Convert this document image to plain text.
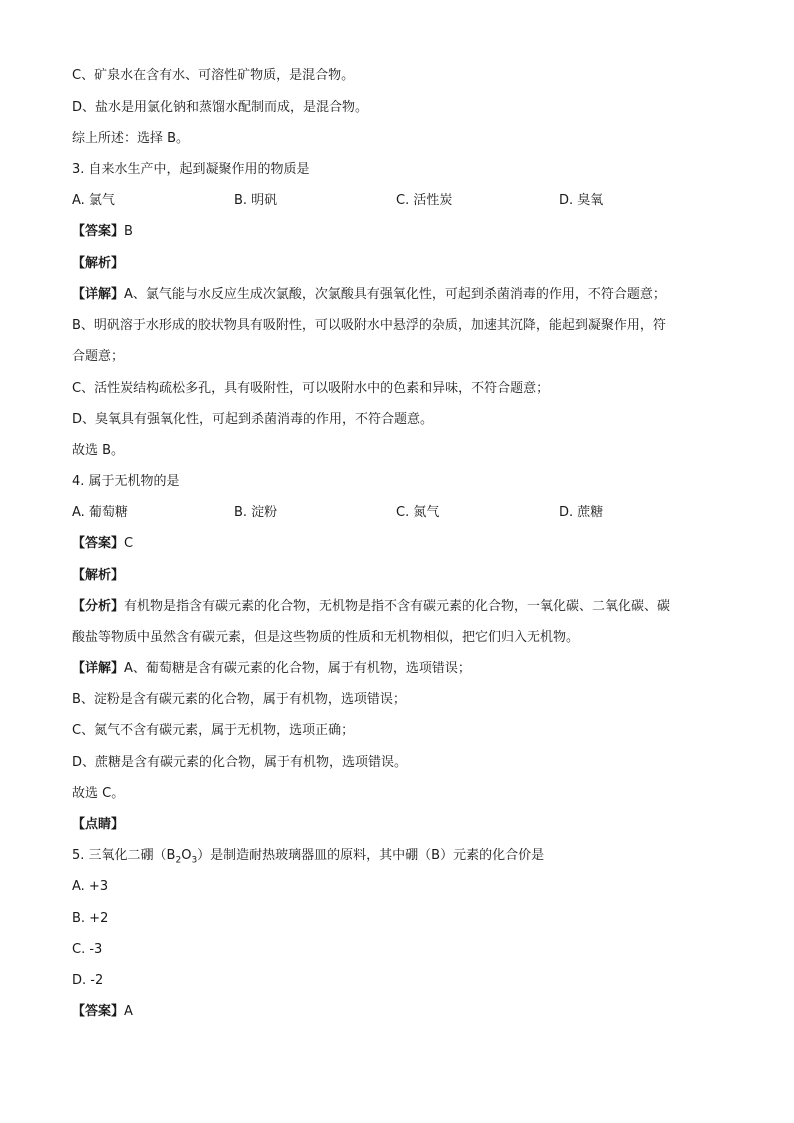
C、矿泉水在含有水、可溶性矿物质，是混合物。
D、盐水是用氯化钠和蒸馏水配制而成，是混合物。
综上所述：选择 B。
3. 自来水生产中，起到凝聚作用的物质是
A. 氯气	B. 明矾	C. 活性炭	D. 臭氧
【答案】B
【解析】
【详解】A、氯气能与水反应生成次氯酸，次氯酸具有强氧化性，可起到杀菌消毒的作用，不符合题意；
B、明矾溶于水形成的胶状物具有吸附性，可以吸附水中悬浮的杂质，加速其沉降，能起到凝聚作用，符
合题意；
C、活性炭结构疏松多孔，具有吸附性，可以吸附水中的色素和异味，不符合题意；
D、臭氧具有强氧化性，可起到杀菌消毒的作用，不符合题意。
故选 B。
4. 属于无机物的是
A. 葡萄糖	B. 淀粉	C. 氮气	D. 蔗糖
【答案】C
【解析】
【分析】有机物是指含有碳元素的化合物，无机物是指不含有碳元素的化合物，一氧化碳、二氧化碳、碳
酸盐等物质中虽然含有碳元素，但是这些物质的性质和无机物相似，把它们归入无机物。
【详解】A、葡萄糖是含有碳元素的化合物，属于有机物，选项错误；
B、淀粉是含有碳元素的化合物，属于有机物，选项错误；
C、氮气不含有碳元素，属于无机物，选项正确；
D、蔗糖是含有碳元素的化合物，属于有机物，选项错误。
故选 C。
【点睛】
5. 三氧化二硼$(B_2O_3)$是制造耐热玻璃器皿的原料，其中硼（B）元素的化合价是
A. +3
B. +2
C. -3
D. -2
【答案】A
